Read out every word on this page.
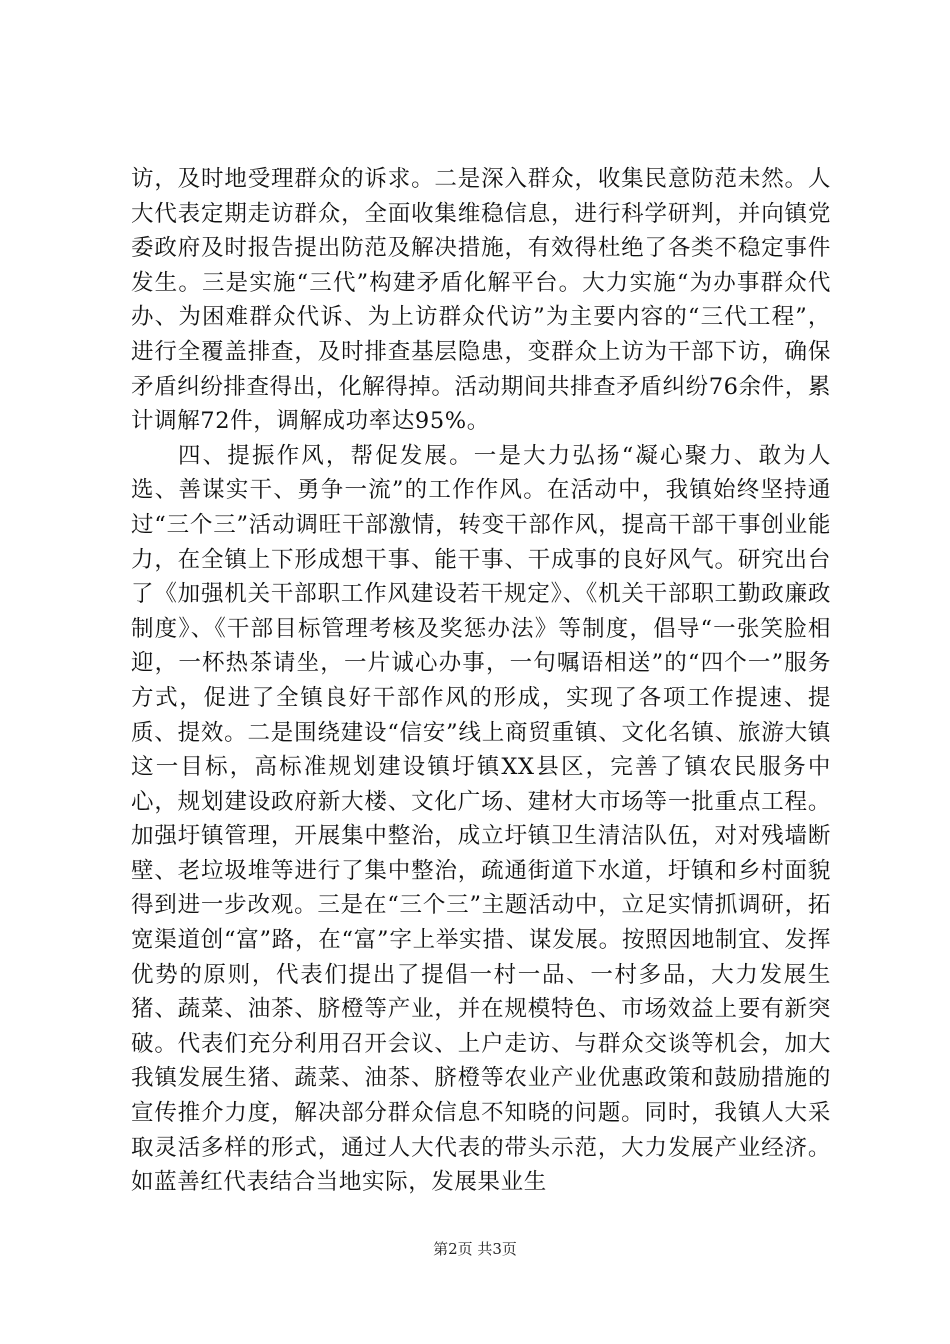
访，及时地受理群众的诉求。二是深入群众，收集民意防范未然。人大代表定期走访群众，全面收集维稳信息，进行科学研判，并向镇党委政府及时报告提出防范及解决措施，有效得杜绝了各类不稳定事件发生。三是实施“三代”构建矛盾化解平台。大力实施“为办事群众代办、为困难群众代诉、为上访群众代访”为主要内容的“三代工程”，进行全覆盖排查，及时排查基层隐患，变群众上访为干部下访，确保矛盾纠纷排查得出，化解得掉。活动期间共排查矛盾纠纷76余件，累计调解72件，调解成功率达95%。

四、提振作风，帮促发展。一是大力弘扬“凝心聚力、敢为人选、善谋实干、勇争一流”的工作作风。在活动中，我镇始终坚持通过“三个三”活动调旺干部激情，转变干部作风，提高干部干事创业能力，在全镇上下形成想干事、能干事、干成事的良好风气。研究出台了《加强机关干部职工作风建设若干规定》、《机关干部职工勤政廉政制度》、《干部目标管理考核及奖惩办法》等制度，倡导“一张笑脸相迎，一杯热茶请坐，一片诚心办事，一句嘱语相送”的“四个一”服务方式，促进了全镇良好干部作风的形成，实现了各项工作提速、提质、提效。二是围绕建设“信安”线上商贸重镇、文化名镇、旅游大镇这一目标，高标准规划建设镇圩镇XX县区，完善了镇农民服务中心，规划建设政府新大楼、文化广场、建材大市场等一批重点工程。加强圩镇管理，开展集中整治，成立圩镇卫生清洁队伍，对对残墙断壁、老垃圾堆等进行了集中整治，疏通街道下水道，圩镇和乡村面貌得到进一步改观。三是在“三个三”主题活动中，立足实情抓调研，拓宽渠道创“富”路，在“富”字上举实措、谋发展。按照因地制宜、发挥优势的原则，代表们提出了提倡一村一品、一村多品，大力发展生猪、蔬菜、油茶、脐橙等产业，并在规模特色、市场效益上要有新突破。代表们充分利用召开会议、上户走访、与群众交谈等机会，加大我镇发展生猪、蔬菜、油茶、脐橙等农业产业优惠政策和鼓励措施的宣传推介力度，解决部分群众信息不知晓的问题。同时，我镇人大采取灵活多样的形式，通过人大代表的带头示范，大力发展产业经济。如蓝善红代表结合当地实际，发展果业生

第2页 共3页
